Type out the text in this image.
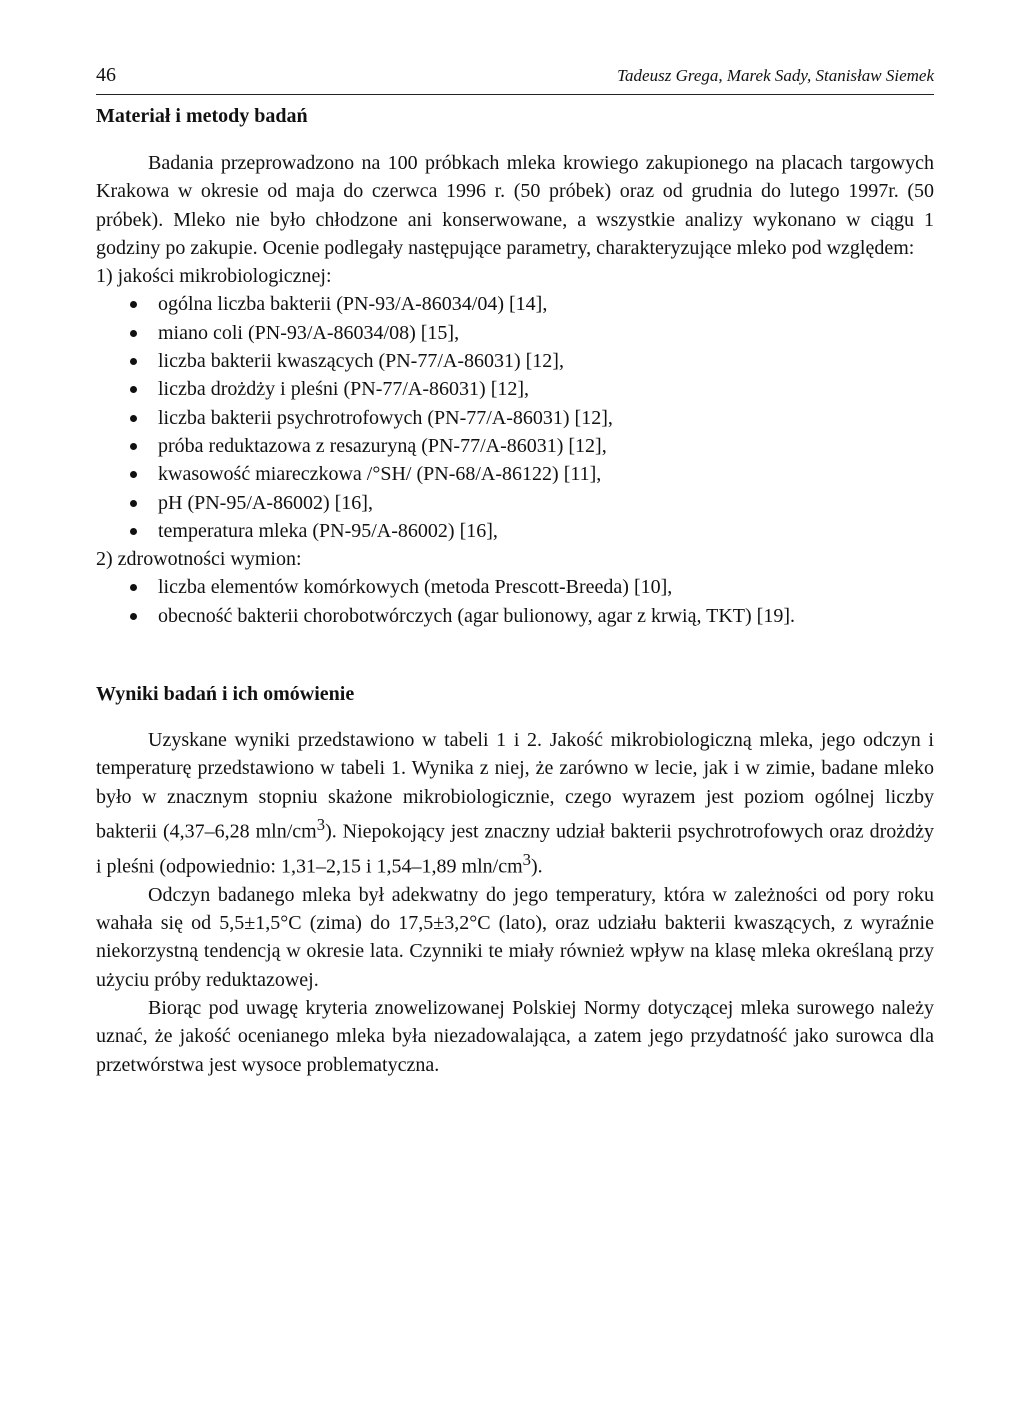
46	Tadeusz Grega, Marek Sady, Stanisław Siemek
Materiał i metody badań

Badania przeprowadzono na 100 próbkach mleka krowiego zakupionego na placach targowych Krakowa w okresie od maja do czerwca 1996 r. (50 próbek) oraz od grudnia do lutego 1997r. (50 próbek). Mleko nie było chłodzone ani konserwowane, a wszystkie analizy wykonano w ciągu 1 godziny po zakupie. Ocenie podlegały następujące parametry, charakteryzujące mleko pod względem:

1) jakości mikrobiologicznej:
ogólna liczba bakterii (PN-93/A-86034/04) [14],
miano coli (PN-93/A-86034/08) [15],
liczba bakterii kwaszących (PN-77/A-86031) [12],
liczba drożdży i pleśni (PN-77/A-86031) [12],
liczba bakterii psychrotrofowych (PN-77/A-86031) [12],
próba reduktazowa z resazuryną (PN-77/A-86031) [12],
kwasowość miareczkowa /°SH/ (PN-68/A-86122) [11],
pH (PN-95/A-86002) [16],
temperatura mleka (PN-95/A-86002) [16],
2) zdrowotności wymion:
liczba elementów komórkowych (metoda Prescott-Breeda) [10],
obecność bakterii chorobotwórczych (agar bulionowy, agar z krwią, TKT) [19].
Wyniki badań i ich omówienie

Uzyskane wyniki przedstawiono w tabeli 1 i 2. Jakość mikrobiologiczną mleka, jego odczyn i temperaturę przedstawiono w tabeli 1. Wynika z niej, że zarówno w lecie, jak i w zimie, badane mleko było w znacznym stopniu skażone mikrobiologicznie, czego wyrazem jest poziom ogólnej liczby bakterii (4,37–6,28 mln/$cm^3$). Niepokojący jest znaczny udział bakterii psychrotrofowych oraz drożdży i pleśni (odpowiednio: 1,31–2,15 i 1,54–1,89 mln/$cm^3$).

Odczyn badanego mleka był adekwatny do jego temperatury, która w zależności od pory roku wahała się od 5,5±1,5°C (zima) do 17,5±3,2°C (lato), oraz udziału bakterii kwaszących, z wyraźnie niekorzystną tendencją w okresie lata. Czynniki te miały również wpływ na klasę mleka określaną przy użyciu próby reduktazowej.

Biorąc pod uwagę kryteria znowelizowanej Polskiej Normy dotyczącej mleka surowego należy uznać, że jakość ocenianego mleka była niezadowalająca, a zatem jego przydatność jako surowca dla przetwórstwa jest wysoce problematyczna.
